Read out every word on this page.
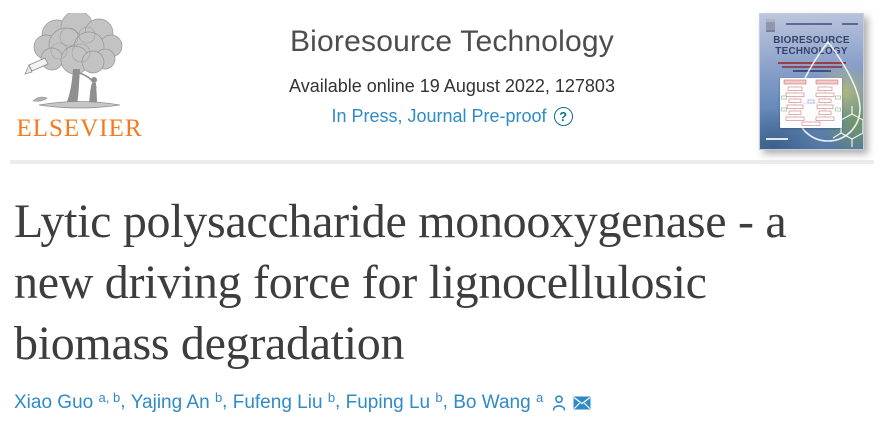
ELSEVIER
Bioresource Technology
Available online 19 August 2022, 127803
In Press, Journal Pre-proof ?
BIORESOURCE
TECHNOLOGY
Lytic polysaccharide monooxygenase - a
new driving force for lignocellulosic
biomass degradation
Xiao Guo $^{a, b}$ , Yajing An $^b$ , Fufeng Liu $^b$ , Fuping Lu $^b$ , Bo Wang $^a$
